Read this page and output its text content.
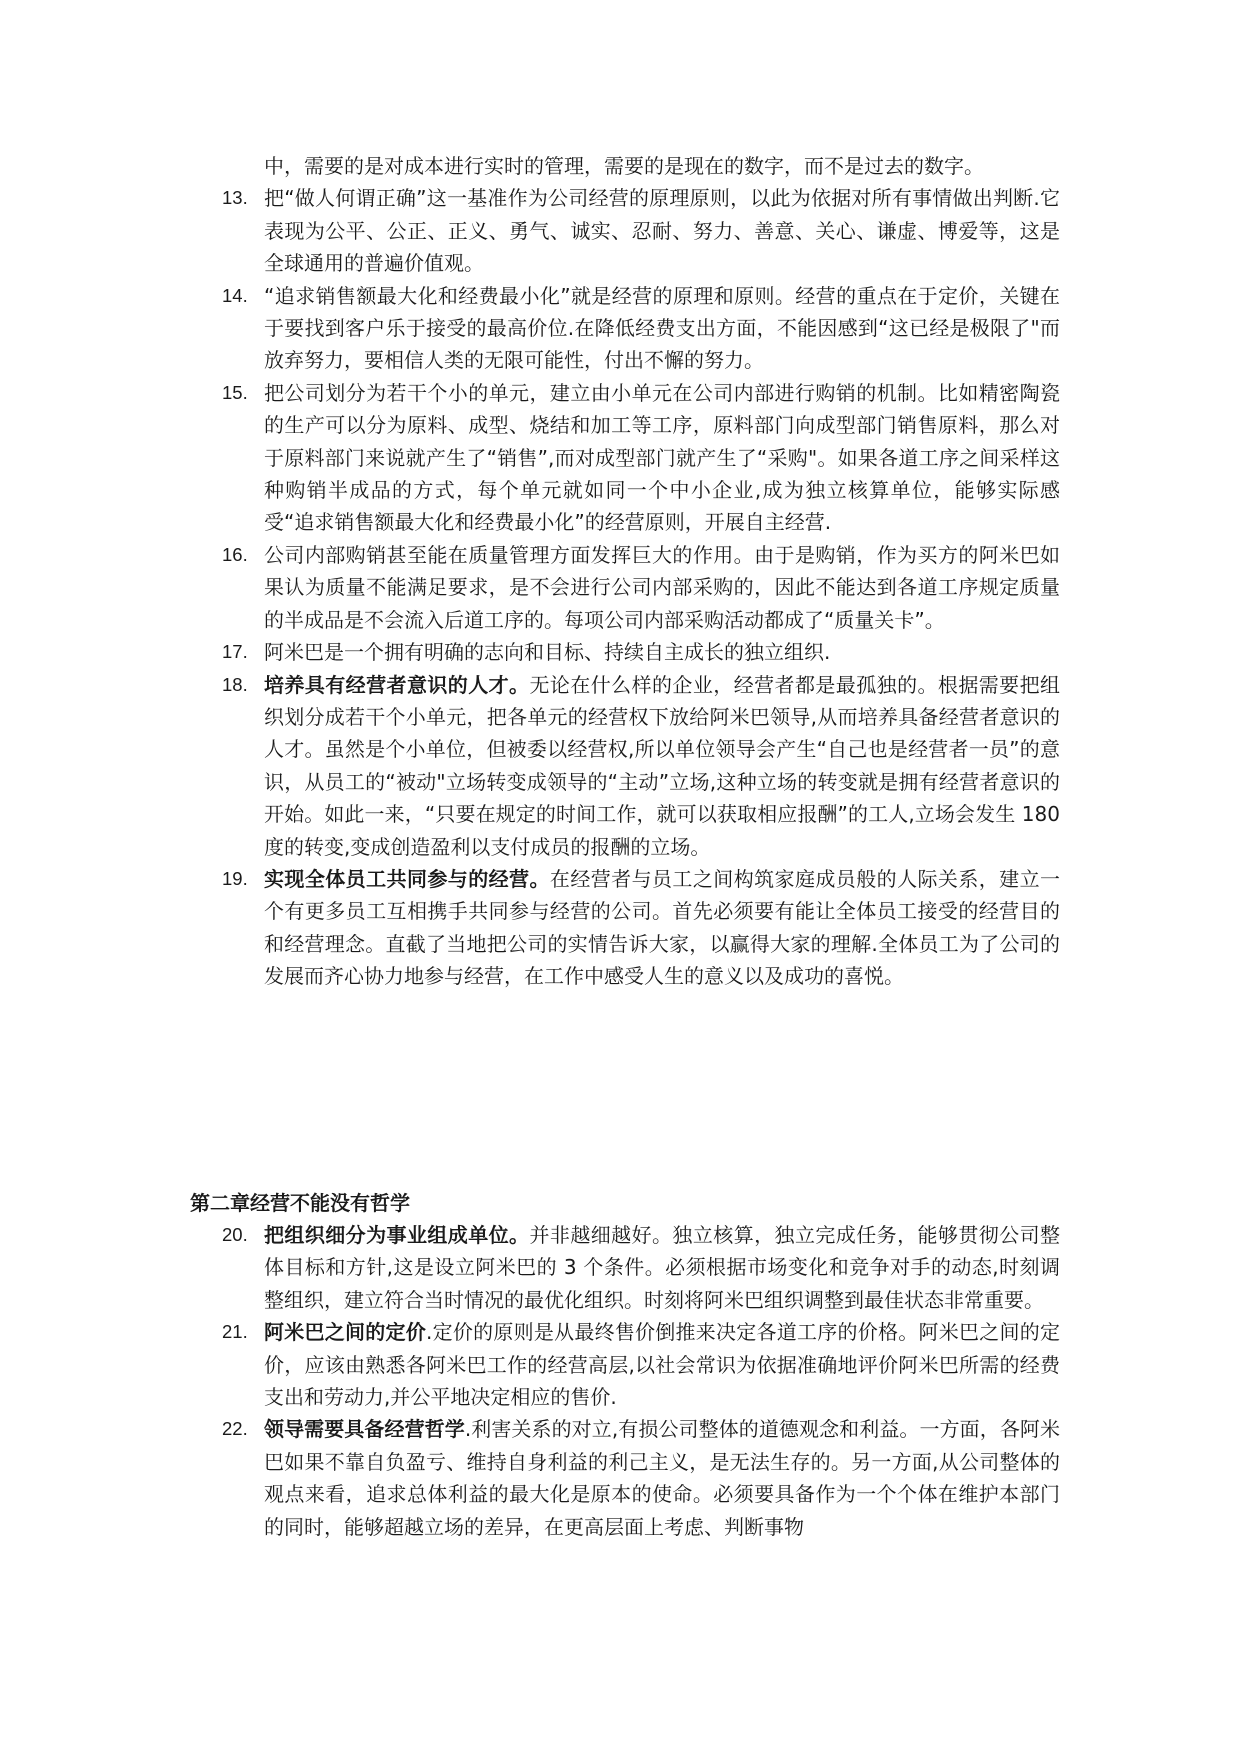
中，需要的是对成本进行实时的管理，需要的是现在的数字，而不是过去的数字。
13. 把“做人何谓正确”这一基准作为公司经营的原理原则，以此为依据对所有事情做出判断.它表现为公平、公正、正义、勇气、诚实、忍耐、努力、善意、关心、谦虚、博爱等，这是全球通用的普遍价值观。
14. “追求销售额最大化和经费最小化”就是经营的原理和原则。经营的重点在于定价，关键在于要找到客户乐于接受的最高价位.在降低经费支出方面，不能因感到“这已经是极限了"而放弃努力，要相信人类的无限可能性，付出不懈的努力。
15. 把公司划分为若干个小的单元，建立由小单元在公司内部进行购销的机制。比如精密陶瓷的生产可以分为原料、成型、烧结和加工等工序，原料部门向成型部门销售原料，那么对于原料部门来说就产生了“销售”,而对成型部门就产生了“采购"。如果各道工序之间采样这种购销半成品的方式，每个单元就如同一个中小企业,成为独立核算单位，能够实际感受“追求销售额最大化和经费最小化”的经营原则，开展自主经营.
16. 公司内部购销甚至能在质量管理方面发挥巨大的作用。由于是购销，作为买方的阿米巴如果认为质量不能满足要求，是不会进行公司内部采购的，因此不能达到各道工序规定质量的半成品是不会流入后道工序的。每项公司内部采购活动都成了“质量关卡”。
17. 阿米巴是一个拥有明确的志向和目标、持续自主成长的独立组织.
18. 培养具有经营者意识的人才。无论在什么样的企业，经营者都是最孤独的。根据需要把组织划分成若干个小单元，把各单元的经营权下放给阿米巴领导,从而培养具备经营者意识的人才。虽然是个小单位，但被委以经营权,所以单位领导会产生“自己也是经营者一员”的意识，从员工的“被动"立场转变成领导的“主动”立场,这种立场的转变就是拥有经营者意识的开始。如此一来，“只要在规定的时间工作，就可以获取相应报酬”的工人,立场会发生 180 度的转变,变成创造盈利以支付成员的报酬的立场。
19. 实现全体员工共同参与的经营。在经营者与员工之间构筑家庭成员般的人际关系，建立一个有更多员工互相携手共同参与经营的公司。首先必须要有能让全体员工接受的经营目的和经营理念。直截了当地把公司的实情告诉大家，以赢得大家的理解.全体员工为了公司的发展而齐心协力地参与经营，在工作中感受人生的意义以及成功的喜悦。
第二章经营不能没有哲学
20. 把组织细分为事业组成单位。并非越细越好。独立核算，独立完成任务，能够贯彻公司整体目标和方针,这是设立阿米巴的 3 个条件。必须根据市场变化和竞争对手的动态,时刻调整组织，建立符合当时情况的最优化组织。时刻将阿米巴组织调整到最佳状态非常重要。
21. 阿米巴之间的定价.定价的原则是从最终售价倒推来决定各道工序的价格。阿米巴之间的定价，应该由熟悉各阿米巴工作的经营高层,以社会常识为依据准确地评价阿米巴所需的经费支出和劳动力,并公平地决定相应的售价.
22. 领导需要具备经营哲学.利害关系的对立,有损公司整体的道德观念和利益。一方面，各阿米巴如果不靠自负盈亏、维持自身利益的利己主义，是无法生存的。另一方面,从公司整体的观点来看，追求总体利益的最大化是原本的使命。必须要具备作为一个个体在维护本部门的同时，能够超越立场的差异，在更高层面上考虑、判断事物
